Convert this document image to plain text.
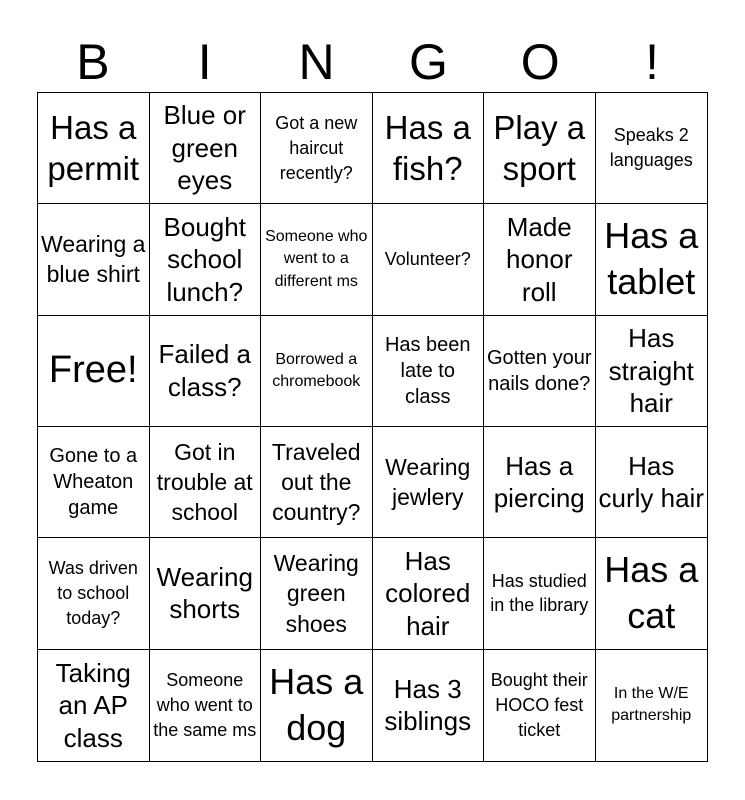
B	I	N	G	O	!
Has a permit
Blue or green eyes
Got a new haircut recently?
Has a fish?
Play a sport
Speaks 2 languages
Wearing a blue shirt
Bought school lunch?
Someone who went to a different ms
Volunteer?
Made honor roll
Has a tablet
Free! Failed a class?
Borrowed a chromebook
Has been late to class
Gotten your nails done?
Has straight hair
Gone to a Wheaton game
Got in trouble at school
Traveled out the country?
Wearing jewlery
Has a piercing
Has curly hair
Was driven to school today?
Wearing shorts
Wearing green shoes
Has colored hair
Has studied in the library
Has a cat
Taking an AP class
Someone who went to the same ms
Has a dog
Has 3 siblings
Bought their HOCO fest ticket
In the W/E partnership
